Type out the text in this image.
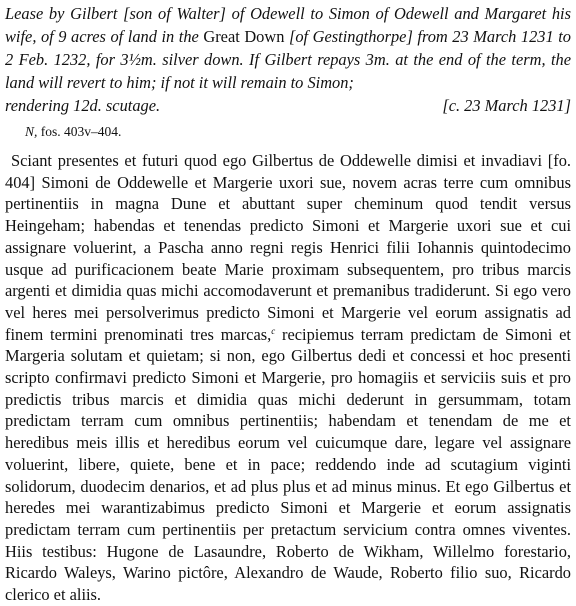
Lease by Gilbert [son of Walter] of Odewell to Simon of Odewell and Margaret his wife, of 9 acres of land in the Great Down [of Gestingthorpe] from 23 March 1231 to 2 Feb. 1232, for 3½m. silver down. If Gilbert repays 3m. at the end of the term, the land will revert to him; if not it will remain to Simon;
rendering 12d. scutage.	[c. 23 March 1231]
N, fos. 403v–404.
Sciant presentes et futuri quod ego Gilbertus de Oddewelle dimisi et invadiavi [fo. 404] Simoni de Oddewelle et Margerie uxori sue, novem acras terre cum omnibus pertinentiis in magna Dune et abuttant super cheminum quod tendit versus Heingeham; habendas et tenendas predicto Simoni et Margerie uxori sue et cui assignare voluerint, a Pascha anno regni regis Henrici filii Iohannis quintodecimo usque ad purificacionem beate Marie proximam subsequentem, pro tribus marcis argenti et dimidia quas michi accomodaverunt et premanibus tradiderunt. Si ego vero vel heres mei persolverimus predicto Simoni et Margerie vel eorum assignatis ad finem termini prenominati tres marcas,$^c$ recipiemus terram predictam de Simoni et Margeria solutam et quietam; si non, ego Gilbertus dedi et concessi et hoc presenti scripto confirmavi predicto Simoni et Margerie, pro homagiis et serviciis suis et pro predictis tribus marcis et dimidia quas michi dederunt in gersummam, totam predictam terram cum omnibus pertinentiis; habendam et tenendam de me et heredibus meis illis et heredibus eorum vel cuicumque dare, legare vel assignare voluerint, libere, quiete, bene et in pace; reddendo inde ad scutagium viginti solidorum, duodecim denarios, et ad plus plus et ad minus minus. Et ego Gilbertus et heredes mei warantizabimus predicto Simoni et Margerie et eorum assignatis predictam terram cum pertinentiis per pretactum servicium contra omnes viventes. Hiis testibus: Hugone de Lasaundre, Roberto de Wikham, Willelmo forestario, Ricardo Waleys, Warino pictôre, Alexandro de Waude, Roberto filio suo, Ricardo clerico et aliis.
